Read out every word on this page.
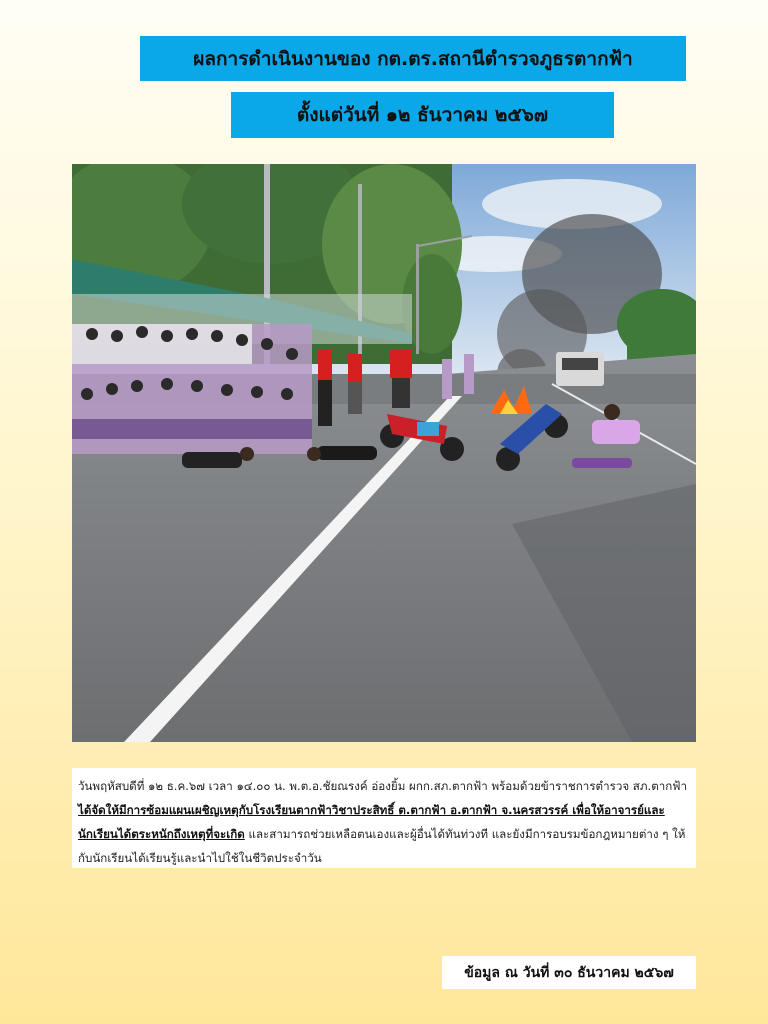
ผลการดำเนินงานของ กต.ตร.สถานีตำรวจภูธรตากฟ้า
ตั้งแต่วันที่ ๑๒ ธันวาคม ๒๕๖๗
วันพฤหัสบดีที่ ๑๒ ธ.ค.๖๗ เวลา ๑๔.๐๐ น. พ.ต.อ.ชัยณรงค์ อ่องยิ้ม ผกก.สภ.ตากฟ้า พร้อมด้วยข้าราชการตำรวจ สภ.ตากฟ้า ได้จัดให้มีการซ้อมแผนเผชิญเหตุกับโรงเรียนตากฟ้าวิชาประสิทธิ์ ต.ตากฟ้า อ.ตากฟ้า จ.นครสวรรค์ เพื่อให้อาจารย์และนักเรียนได้ตระหนักถึงเหตุที่จะเกิด และสามารถช่วยเหลือตนเองและผู้อื่นได้ทันท่วงที และยังมีการอบรมข้อกฎหมายต่าง ๆ ให้กับนักเรียนได้เรียนรู้และนำไปใช้ในชีวิตประจำวัน
ข้อมูล ณ วันที่ ๓๐ ธันวาคม ๒๕๖๗
